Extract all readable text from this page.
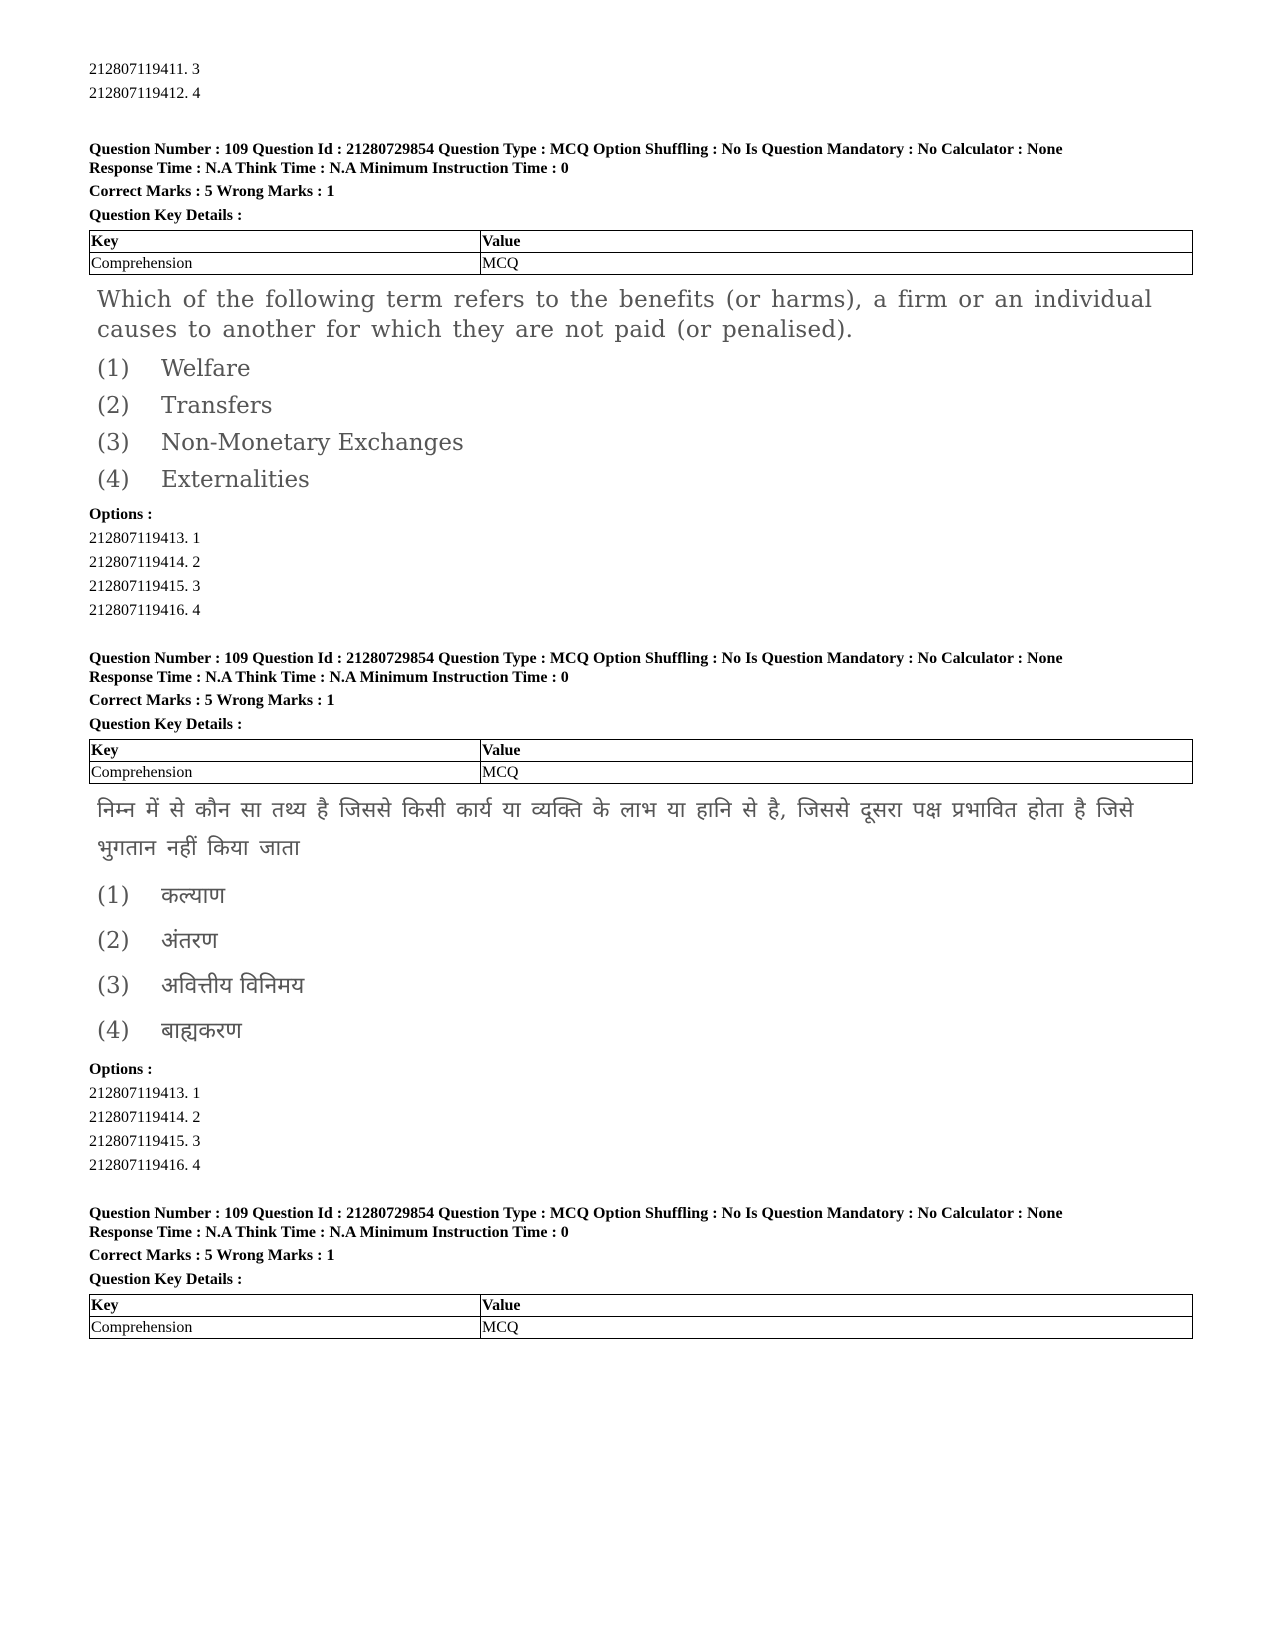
212807119411. 3
212807119412. 4
Question Number : 109 Question Id : 21280729854 Question Type : MCQ Option Shuffling : No Is Question Mandatory : No Calculator : None
Response Time : N.A Think Time : N.A Minimum Instruction Time : 0
Correct Marks : 5 Wrong Marks : 1
Question Key Details :
Key	Value
Comprehension	MCQ
Which of the following term refers to the benefits (or harms), a firm or an individual causes to another for which they are not paid (or penalised).
(1)	Welfare
(2)	Transfers
(3)	Non-Monetary Exchanges
(4)	Externalities
Options :
212807119413. 1
212807119414. 2
212807119415. 3
212807119416. 4
Question Number : 109 Question Id : 21280729854 Question Type : MCQ Option Shuffling : No Is Question Mandatory : No Calculator : None
Response Time : N.A Think Time : N.A Minimum Instruction Time : 0
Correct Marks : 5 Wrong Marks : 1
Question Key Details :
Key	Value
Comprehension	MCQ
निम्न में से कौन सा तथ्य है जिससे किसी कार्य या व्यक्ति के लाभ या हानि से है, जिससे दूसरा पक्ष प्रभावित होता है जिसे भुगतान नहीं किया जाता
(1)	कल्याण
(2)	अंतरण
(3)	अवित्तीय विनिमय
(4)	बाह्यकरण
Options :
212807119413. 1
212807119414. 2
212807119415. 3
212807119416. 4
Question Number : 109 Question Id : 21280729854 Question Type : MCQ Option Shuffling : No Is Question Mandatory : No Calculator : None
Response Time : N.A Think Time : N.A Minimum Instruction Time : 0
Correct Marks : 5 Wrong Marks : 1
Question Key Details :
Key	Value
Comprehension	MCQ
